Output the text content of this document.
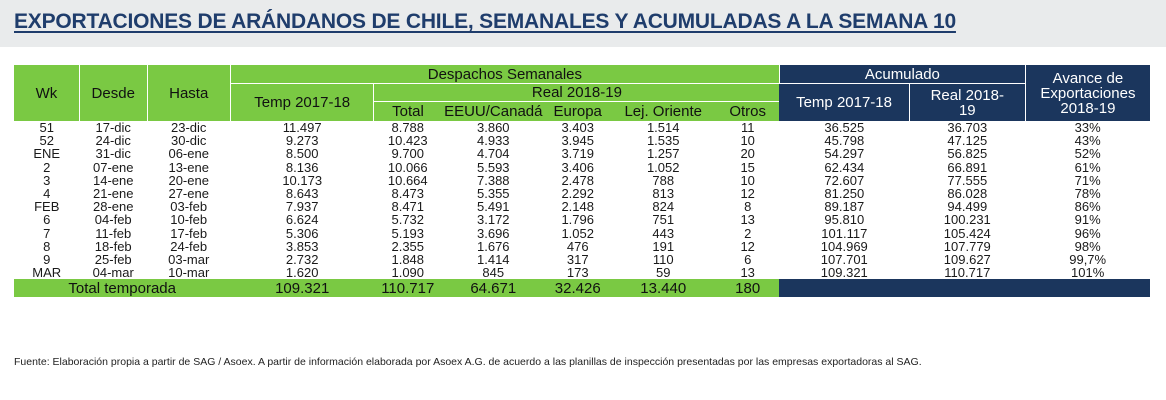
EXPORTACIONES DE ARÁNDANOS DE CHILE, SEMANALES Y ACUMULADAS A LA SEMANA 10
Wk	Desde	Hasta	Despachos Semanales						Acumulado		Avance de
Exportaciones
2018-19

			Temp 2017-18	Real 2018-19					Temp 2017-18	Real 2018-
19	

				Total	EEUU/Canadá	Europa	Lej. Oriente	Otros			
51	17-dic	23-dic	11.497	8.788	3.860	3.403	1.514	11	36.525	36.703	33%
52	24-dic	30-dic	9.273	10.423	4.933	3.945	1.535	10	45.798	47.125	43%
ENE	31-dic	06-ene	8.500	9.700	4.704	3.719	1.257	20	54.297	56.825	52%
2	07-ene	13-ene	8.136	10.066	5.593	3.406	1.052	15	62.434	66.891	61%
3	14-ene	20-ene	10.173	10.664	7.388	2.478	788	10	72.607	77.555	71%
4	21-ene	27-ene	8.643	8.473	5.355	2.292	813	12	81.250	86.028	78%
FEB	28-ene	03-feb	7.937	8.471	5.491	2.148	824	8	89.187	94.499	86%
6	04-feb	10-feb	6.624	5.732	3.172	1.796	751	13	95.810	100.231	91%
7	11-feb	17-feb	5.306	5.193	3.696	1.052	443	2	101.117	105.424	96%
8	18-feb	24-feb	3.853	2.355	1.676	476	191	12	104.969	107.779	98%
9	25-feb	03-mar	2.732	1.848	1.414	317	110	6	107.701	109.627	99,7%
MAR	04-mar	10-mar	1.620	1.090	845	173	59	13	109.321	110.717	101%
Total temporada			109.321	110.717	64.671	32.426	13.440	180			
Fuente: Elaboración propia a partir de SAG / Asoex. A partir de información elaborada por Asoex A.G. de acuerdo a las planillas de inspección presentadas por las empresas exportadoras al SAG.
